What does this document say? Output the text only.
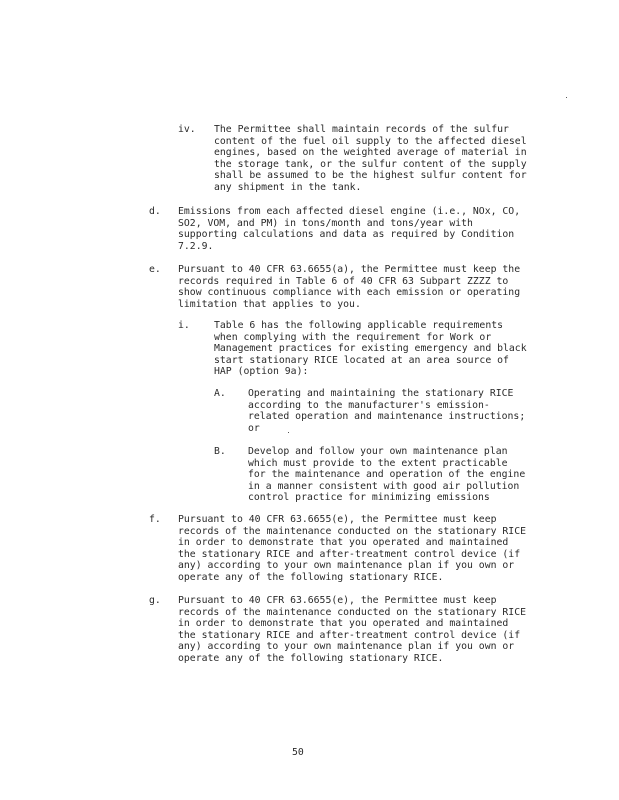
iv. The Permittee shall maintain records of the sulfur
content of the fuel oil supply to the affected diesel
engines, based on the weighted average of material in
the storage tank, or the sulfur content of the supply
shall be assumed to be the highest sulfur content for
any shipment in the tank.
d. Emissions from each affected diesel engine (i.e., NOx, CO,
SO2, VOM, and PM) in tons/month and tons/year with
supporting calculations and data as required by Condition
7.2.9.
e. Pursuant to 40 CFR 63.6655(a), the Permittee must keep the
records required in Table 6 of 40 CFR 63 Subpart ZZZZ to
show continuous compliance with each emission or operating
limitation that applies to you.
i. Table 6 has the following applicable requirements
when complying with the requirement for Work or
Management practices for existing emergency and black
start stationary RICE located at an area source of
HAP (option 9a):
A. Operating and maintaining the stationary RICE
according to the manufacturer's emission-
related operation and maintenance instructions;
or
B. Develop and follow your own maintenance plan
which must provide to the extent practicable
for the maintenance and operation of the engine
in a manner consistent with good air pollution
control practice for minimizing emissions
f. Pursuant to 40 CFR 63.6655(e), the Permittee must keep
records of the maintenance conducted on the stationary RICE
in order to demonstrate that you operated and maintained
the stationary RICE and after-treatment control device (if
any) according to your own maintenance plan if you own or
operate any of the following stationary RICE.
g. Pursuant to 40 CFR 63.6655(e), the Permittee must keep
records of the maintenance conducted on the stationary RICE
in order to demonstrate that you operated and maintained
the stationary RICE and after-treatment control device (if
any) according to your own maintenance plan if you own or
operate any of the following stationary RICE.
50
